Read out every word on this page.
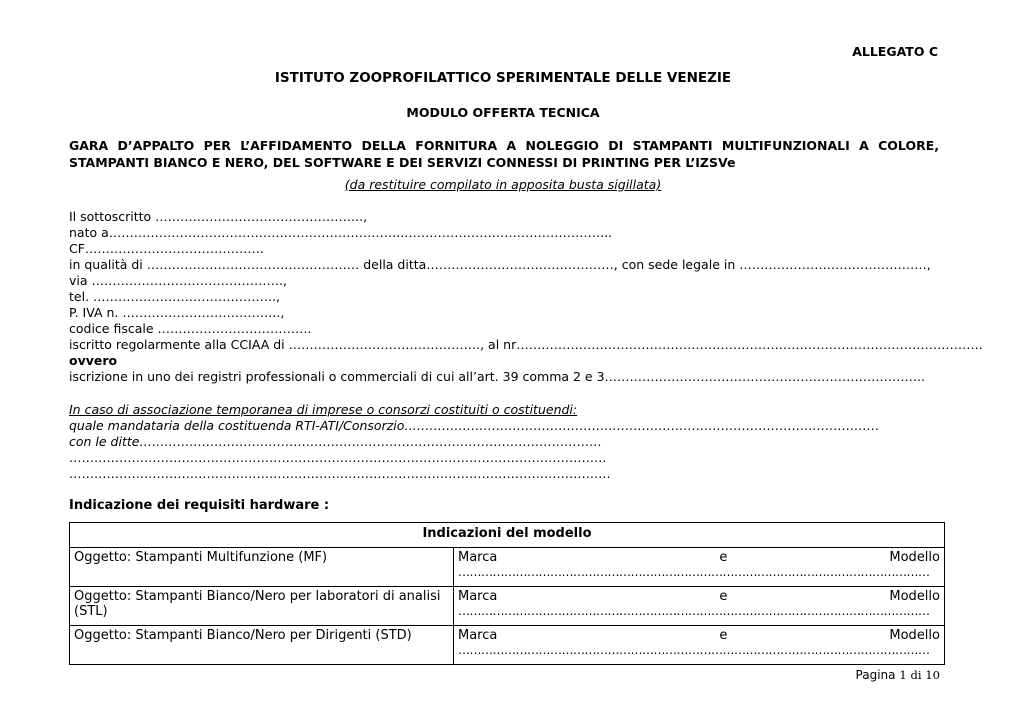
ALLEGATO C
ISTITUTO ZOOPROFILATTICO SPERIMENTALE DELLE VENEZIE
MODULO OFFERTA TECNICA
GARA D’APPALTO PER L’AFFIDAMENTO DELLA FORNITURA A NOLEGGIO DI STAMPANTI MULTIFUNZIONALI A COLORE,
STAMPANTI BIANCO E NERO, DEL SOFTWARE E DEI SERVIZI CONNESSI DI PRINTING PER L’IZSVe
(da restituire compilato in apposita busta sigillata)
Il sottoscritto …………………………………………..,
nato a……………………………………………………………..…………………………………………..
CF…………………………………….
in qualità di …………………………………………… della ditta………………………………………, con sede legale in ………………………………………,
via ……………………………………….,
tel. ……………………………………..,
P. IVA n. ………………………………..,
codice fiscale ……………………………….
iscritto regolarmente alla CCIAA di ………………………………………., al nr………………………………………………………………………………………………….
ovvero
iscrizione in uno dei registri professionali o commerciali di cui all’art. 39 comma 2 e 3…………………………………………………………………..
In caso di associazione temporanea di imprese o consorzi costituiti o costituendi:
quale mandataria della costituenda RTI-ATI/Consorzio……………………………………………………………………………………………………
con le ditte…………………………………………………………………………………………………
…………………………………………………………………………………………………………………
………………………………………………………………………………………………………………….
Indicazione dei requisiti hardware :
Indicazioni del modello	
Oggetto: Stampanti Multifunzione (MF)	Marca e Modello
……………………………………………………………………………………………………………

Oggetto: Stampanti Bianco/Nero per laboratori di analisi (STL)	Marca e Modello
……………………………………………………………………………………………………………

Oggetto: Stampanti Bianco/Nero per Dirigenti (STD)	Marca e Modello
……………………………………………………………………………………………………………
Pagina 1 di 10
